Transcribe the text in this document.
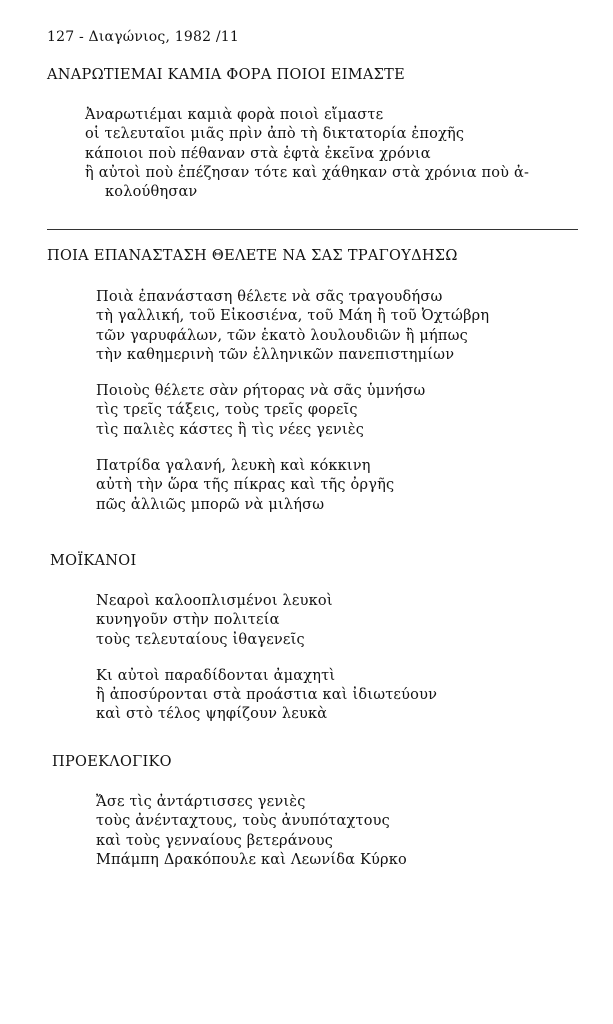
127 - Διαγώνιος, 1982 /11
ΑΝΑΡΩΤΙΕΜΑΙ ΚΑΜΙΑ ΦΟΡΑ ΠΟΙΟΙ ΕΙΜΑΣΤΕ
Ἀναρωτιέμαι καμιὰ φορὰ ποιοὶ εἴμαστε
οἱ τελευταῖοι μιᾶς πρὶν ἀπὸ τὴ δικτατορία ἐποχῆς
κάποιοι ποὺ πέθαναν στὰ ἑφτὰ ἐκεῖνα χρόνια
ἢ αὐτοὶ ποὺ ἐπέζησαν τότε καὶ χάθηκαν στὰ χρόνια ποὺ ἀ-
κολούθησαν
ΠΟΙΑ ΕΠΑΝΑΣΤΑΣΗ ΘΕΛΕΤΕ ΝΑ ΣΑΣ ΤΡΑΓΟΥΔΗΣΩ
Ποιὰ ἐπανάσταση θέλετε νὰ σᾶς τραγουδήσω
τὴ γαλλική, τοῦ Εἰκοσιένα, τοῦ Μάη ἢ τοῦ Ὀχτώβρη
τῶν γαρυφάλων, τῶν ἑκατὸ λουλουδιῶν ἢ μήπως
τὴν καθημερινὴ τῶν ἑλληνικῶν πανεπιστημίων
Ποιοὺς θέλετε σὰν ρήτορας νὰ σᾶς ὑμνήσω
τὶς τρεῖς τάξεις, τοὺς τρεῖς φορεῖς
τὶς παλιὲς κάστες ἢ τὶς νέες γενιὲς
Πατρίδα γαλανή, λευκὴ καὶ κόκκινη
αὐτὴ τὴν ὥρα τῆς πίκρας καὶ τῆς ὀργῆς
πῶς ἀλλιῶς μπορῶ νὰ μιλήσω
ΜΟΪΚΑΝΟΙ
Νεαροὶ καλοοπλισμένοι λευκοὶ
κυνηγοῦν στὴν πολιτεία
τοὺς τελευταίους ἰθαγενεῖς
Κι αὐτοὶ παραδίδονται ἀμαχητὶ
ἢ ἀποσύρονται στὰ προάστια καὶ ἰδιωτεύουν
καὶ στὸ τέλος ψηφίζουν λευκὰ
ΠΡΟΕΚΛΟΓΙΚΟ
Ἄσε τὶς ἀντάρτισσες γενιὲς
τοὺς ἀνένταχτους, τοὺς ἀνυπόταχτους
καὶ τοὺς γενναίους βετεράνους
Μπάμπη Δρακόπουλε καὶ Λεωνίδα Κύρκο
